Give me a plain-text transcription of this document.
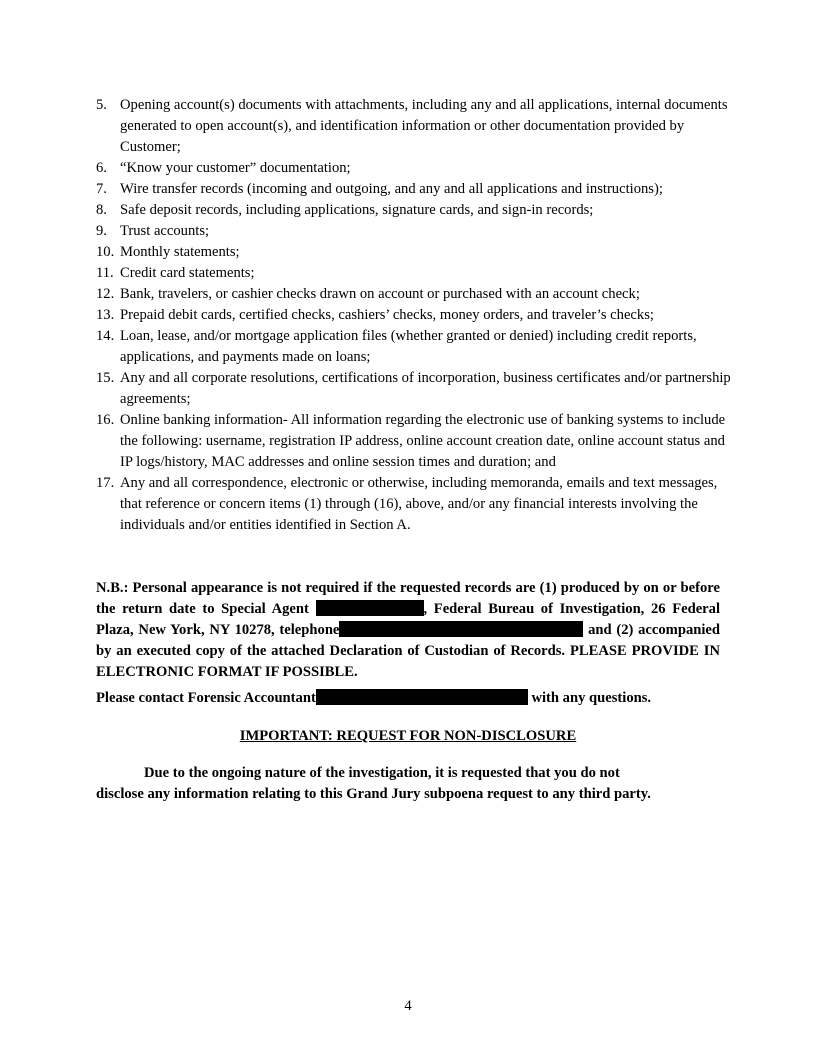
5. Opening account(s) documents with attachments, including any and all applications, internal documents generated to open account(s), and identification information or other documentation provided by Customer;
6. “Know your customer” documentation;
7. Wire transfer records (incoming and outgoing, and any and all applications and instructions);
8. Safe deposit records, including applications, signature cards, and sign-in records;
9. Trust accounts;
10. Monthly statements;
11. Credit card statements;
12. Bank, travelers, or cashier checks drawn on account or purchased with an account check;
13. Prepaid debit cards, certified checks, cashiers’ checks, money orders, and traveler’s checks;
14. Loan, lease, and/or mortgage application files (whether granted or denied) including credit reports, applications, and payments made on loans;
15. Any and all corporate resolutions, certifications of incorporation, business certificates and/or partnership agreements;
16. Online banking information- All information regarding the electronic use of banking systems to include the following: username, registration IP address, online account creation date, online account status and IP logs/history, MAC addresses and online session times and duration; and
17. Any and all correspondence, electronic or otherwise, including memoranda, emails and text messages, that reference or concern items (1) through (16), above, and/or any financial interests involving the individuals and/or entities identified in Section A.
N.B.: Personal appearance is not required if the requested records are (1) produced by on or before the return date to Special Agent	, Federal Bureau of Investigation, 26 Federal Plaza, New York, NY 10278, telephone	and (2) accompanied by an executed copy of the attached Declaration of Custodian of Records. PLEASE PROVIDE IN ELECTRONIC FORMAT IF POSSIBLE.
Please contact Forensic Accountant	with any questions.
IMPORTANT: REQUEST FOR NON-DISCLOSURE
Due to the ongoing nature of the investigation, it is requested that you do not
disclose any information relating to this Grand Jury subpoena request to any third party.
4
